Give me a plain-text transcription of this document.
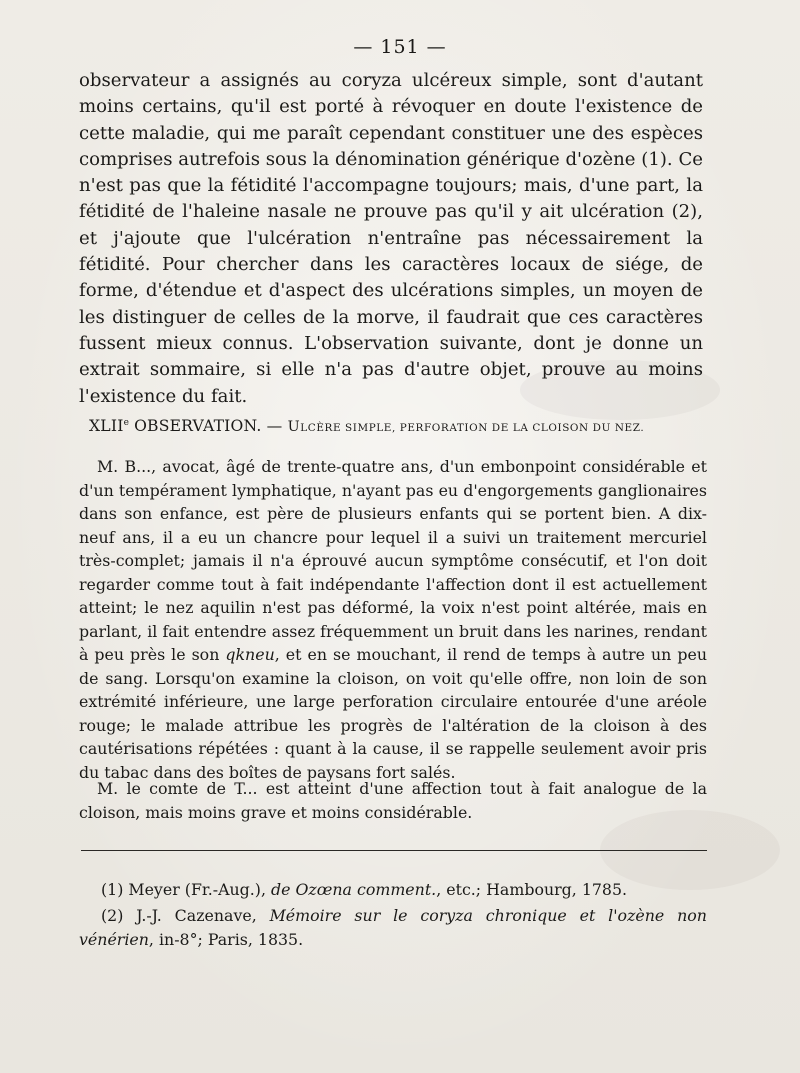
— 151 —

observateur a assignés au coryza ulcéreux simple, sont d'autant moins certains, qu'il est porté à révoquer en doute l'existence de cette maladie, qui me paraît cependant constituer une des espèces comprises autrefois sous la dénomination générique d'ozène (1). Ce n'est pas que la fétidité l'accompagne toujours; mais, d'une part, la fétidité de l'haleine nasale ne prouve pas qu'il y ait ulcération (2), et j'ajoute que l'ulcération n'entraîne pas nécessairement la fétidité. Pour chercher dans les caractères locaux de siége, de forme, d'étendue et d'aspect des ulcérations simples, un moyen de les distinguer de celles de la morve, il faudrait que ces caractères fussent mieux connus. L'observation suivante, dont je donne un extrait sommaire, si elle n'a pas d'autre objet, prouve au moins l'existence du fait.

XLIIe OBSERVATION. — ULCÈRE SIMPLE, PERFORATION DE LA CLOISON DU NEZ.

M. B..., avocat, âgé de trente-quatre ans, d'un embonpoint considérable et d'un tempérament lymphatique, n'ayant pas eu d'engorgements ganglionaires dans son enfance, est père de plusieurs enfants qui se portent bien. A dix-neuf ans, il a eu un chancre pour lequel il a suivi un traitement mercuriel très-complet; jamais il n'a éprouvé aucun symptôme consécutif, et l'on doit regarder comme tout à fait indépendante l'affection dont il est actuellement atteint; le nez aquilin n'est pas déformé, la voix n'est point altérée, mais en parlant, il fait entendre assez fréquemment un bruit dans les narines, rendant à peu près le son qkneu, et en se mouchant, il rend de temps à autre un peu de sang. Lorsqu'on examine la cloison, on voit qu'elle offre, non loin de son extrémité inférieure, une large perforation circulaire entourée d'une aréole rouge; le malade attribue les progrès de l'altération de la cloison à des cautérisations répétées : quant à la cause, il se rappelle seulement avoir pris du tabac dans des boîtes de paysans fort salés.

M. le comte de T... est atteint d'une affection tout à fait analogue de la cloison, mais moins grave et moins considérable.

(1) Meyer (Fr.-Aug.), de Ozœna comment., etc.; Hambourg, 1785.

(2) J.-J. Cazenave, Mémoire sur le coryza chronique et l'ozène non vénérien, in-8°; Paris, 1835.
